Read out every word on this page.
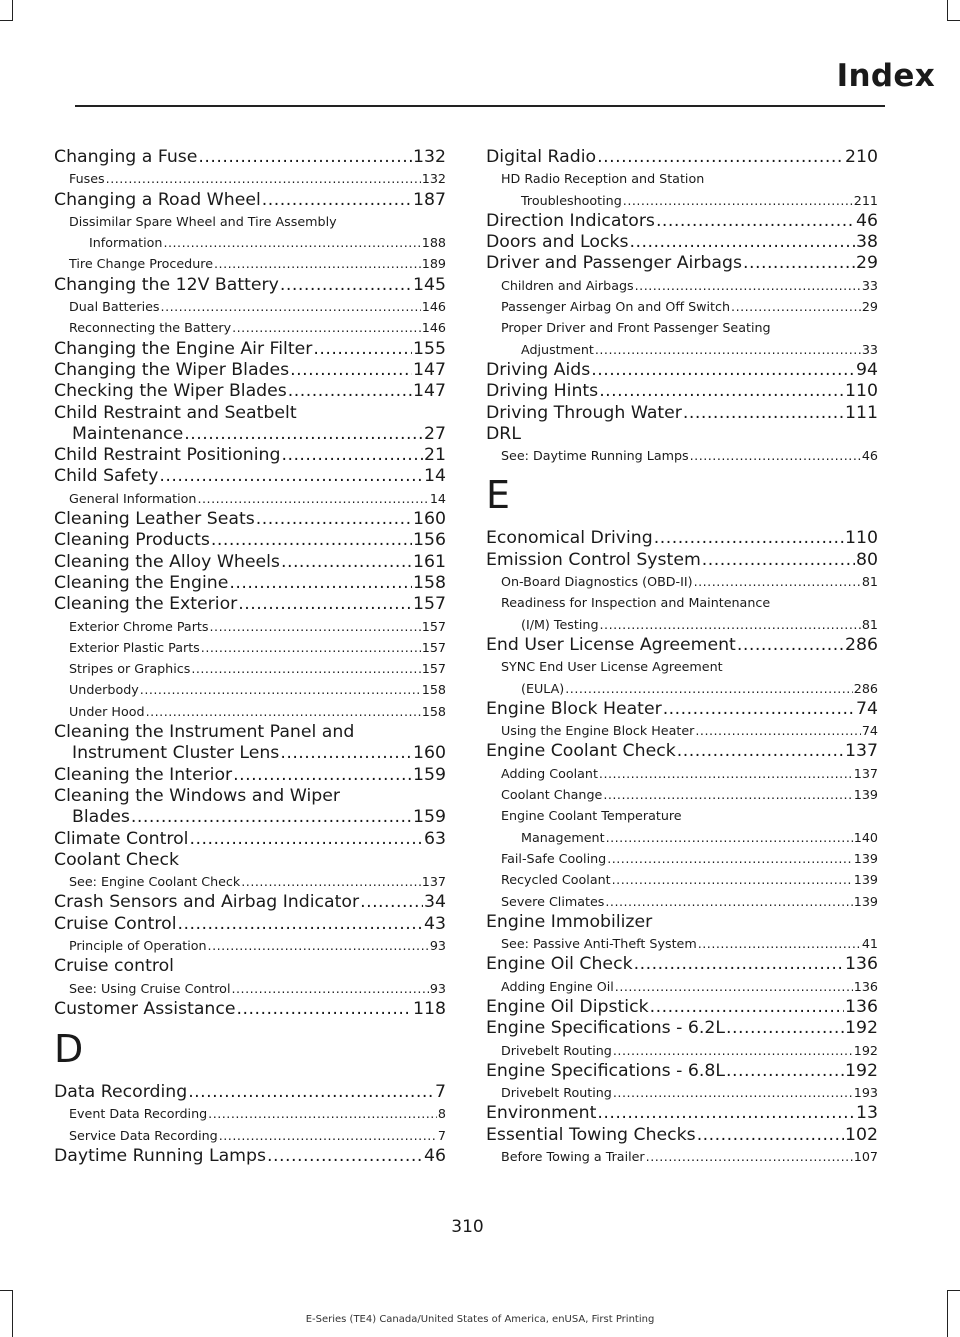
Index
Changing a Fuse .....	132
Fuses .....	132
Changing a Road Wheel .....	187
Dissimilar Spare Wheel and Tire Assembly
Information .....	188
Tire Change Procedure .....	189
Changing the 12V Battery .....	145
Dual Batteries .....	146
Reconnecting the Battery .....	146
Changing the Engine Air Filter .....	155
Changing the Wiper Blades .....	147
Checking the Wiper Blades .....	147
Child Restraint and Seatbelt
Maintenance .....	27
Child Restraint Positioning .....	21
Child Safety .....	14
General Information .....	14
Cleaning Leather Seats .....	160
Cleaning Products .....	156
Cleaning the Alloy Wheels .....	161
Cleaning the Engine .....	158
Cleaning the Exterior .....	157
Exterior Chrome Parts .....	157
Exterior Plastic Parts .....	157
Stripes or Graphics .....	157
Underbody .....	158
Under Hood .....	158
Cleaning the Instrument Panel and
Instrument Cluster Lens .....	160
Cleaning the Interior .....	159
Cleaning the Windows and Wiper
Blades .....	159
Climate Control .....	63
Coolant Check
See: Engine Coolant Check .....	137
Crash Sensors and Airbag Indicator .....	34
Cruise Control .....	43
Principle of Operation .....	93
Cruise control
See: Using Cruise Control .....	93
Customer Assistance .....	118
D
Data Recording .....	7
Event Data Recording .....	8
Service Data Recording .....	7
Daytime Running Lamps .....	46
Digital Radio .....	210
HD Radio Reception and Station
Troubleshooting .....	211
Direction Indicators .....	46
Doors and Locks .....	38
Driver and Passenger Airbags .....	29
Children and Airbags .....	33
Passenger Airbag On and Off Switch .....	29
Proper Driver and Front Passenger Seating
Adjustment .....	33
Driving Aids .....	94
Driving Hints .....	110
Driving Through Water .....	111
DRL
See: Daytime Running Lamps .....	46
E
Economical Driving .....	110
Emission Control System .....	80
On-Board Diagnostics (OBD-II) .....	81
Readiness for Inspection and Maintenance
(I/M) Testing .....	81
End User License Agreement .....	286
SYNC End User License Agreement
(EULA) .....	286
Engine Block Heater .....	74
Using the Engine Block Heater .....	74
Engine Coolant Check .....	137
Adding Coolant .....	137
Coolant Change .....	139
Engine Coolant Temperature
Management .....	140
Fail-Safe Cooling .....	139
Recycled Coolant .....	139
Severe Climates .....	139
Engine Immobilizer
See: Passive Anti-Theft System .....	41
Engine Oil Check .....	136
Adding Engine Oil .....	136
Engine Oil Dipstick .....	136
Engine Specifications - 6.2L .....	192
Drivebelt Routing .....	192
Engine Specifications - 6.8L .....	192
Drivebelt Routing .....	193
Environment .....	13
Essential Towing Checks .....	102
Before Towing a Trailer .....	107
310
E-Series (TE4) Canada/United States of America, enUSA, First Printing
